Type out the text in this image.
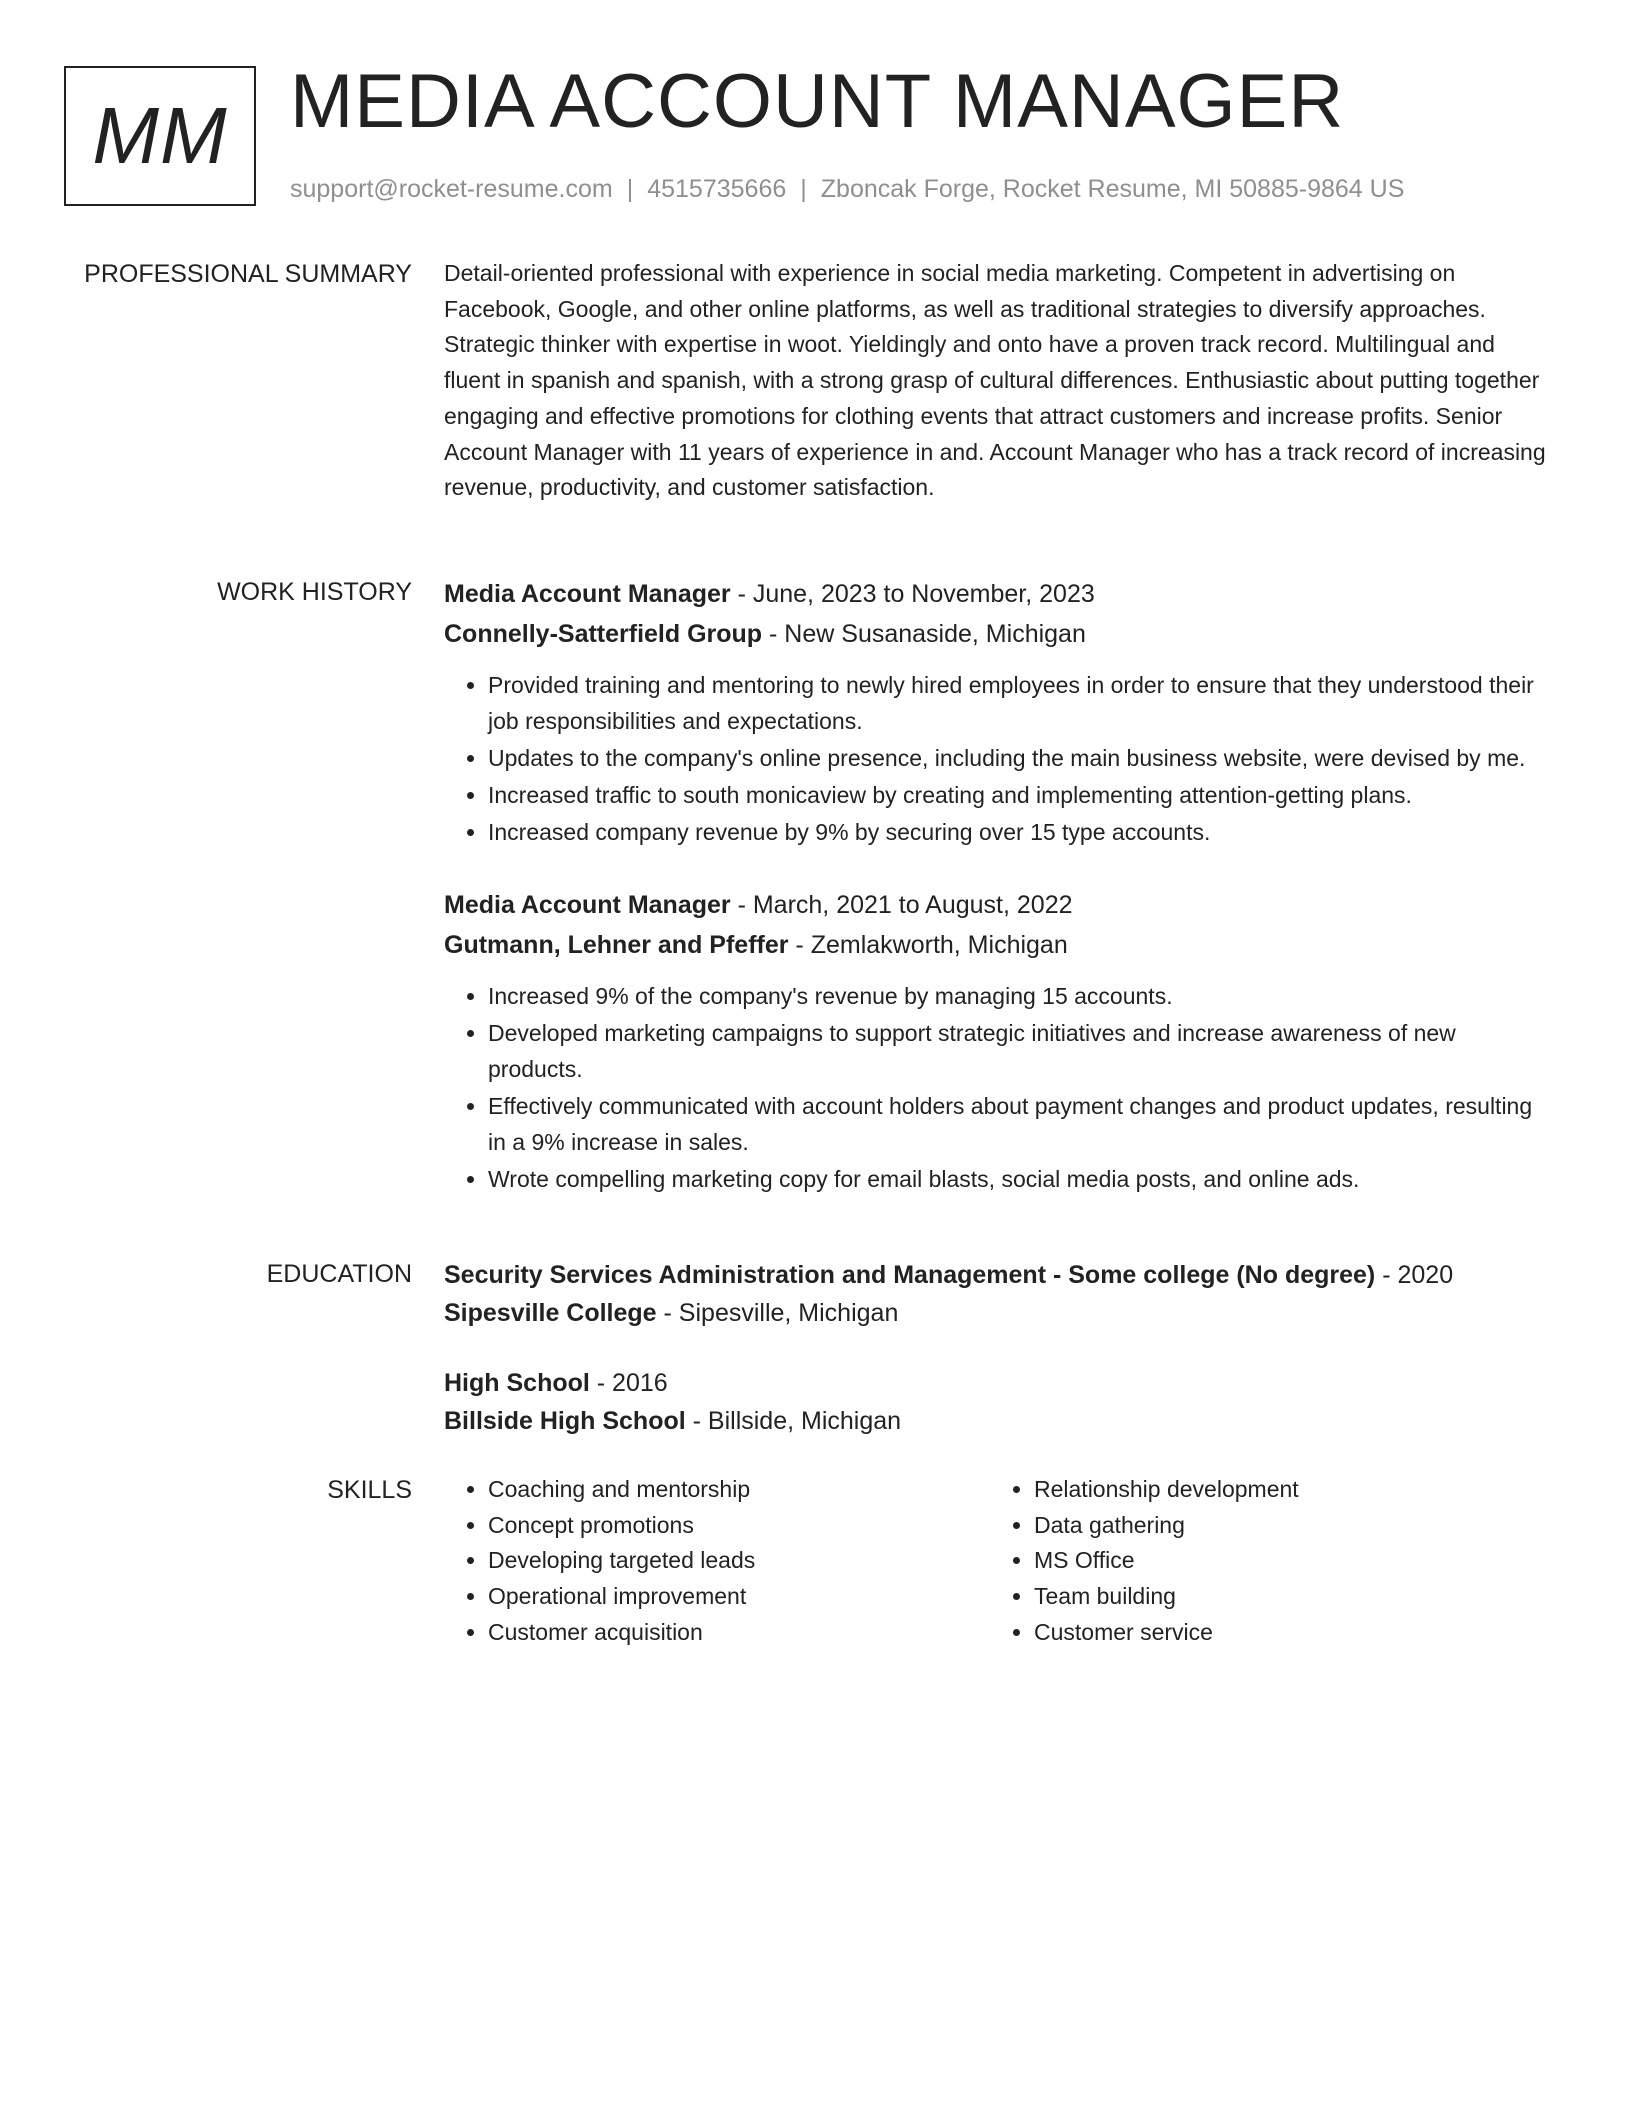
MM MEDIA ACCOUNT MANAGER
support@rocket-resume.com | 4515735666 | Zboncak Forge, Rocket Resume, MI 50885-9864 US
PROFESSIONAL SUMMARY Detail-oriented professional with experience in social media marketing. Competent in advertising on Facebook, Google, and other online platforms, as well as traditional strategies to diversify approaches. Strategic thinker with expertise in woot. Yieldingly and onto have a proven track record. Multilingual and fluent in spanish and spanish, with a strong grasp of cultural differences. Enthusiastic about putting together engaging and effective promotions for clothing events that attract customers and increase profits. Senior Account Manager with 11 years of experience in and. Account Manager who has a track record of increasing revenue, productivity, and customer satisfaction.

WORK HISTORY Media Account Manager - June, 2023 to November, 2023
Connelly-Satterfield Group - New Susanaside, Michigan
• Provided training and mentoring to newly hired employees in order to ensure that they understood their job responsibilities and expectations.
• Updates to the company's online presence, including the main business website, were devised by me.
• Increased traffic to south monicaview by creating and implementing attention-getting plans.
• Increased company revenue by 9% by securing over 15 type accounts.
Media Account Manager - March, 2021 to August, 2022
Gutmann, Lehner and Pfeffer - Zemlakworth, Michigan
• Increased 9% of the company's revenue by managing 15 accounts.
• Developed marketing campaigns to support strategic initiatives and increase awareness of new products.
• Effectively communicated with account holders about payment changes and product updates, resulting in a 9% increase in sales.
• Wrote compelling marketing copy for email blasts, social media posts, and online ads.
EDUCATION Security Services Administration and Management - Some college (No degree) - 2020
Sipesville College - Sipesville, Michigan
High School - 2016
Billside High School - Billside, Michigan
SKILLS
•	Coaching and mentorship
• Concept promotions
• Developing targeted leads
• Operational improvement
• Customer acquisition
• Relationship development
• Data gathering
• MS Office
• Team building
• Customer service
